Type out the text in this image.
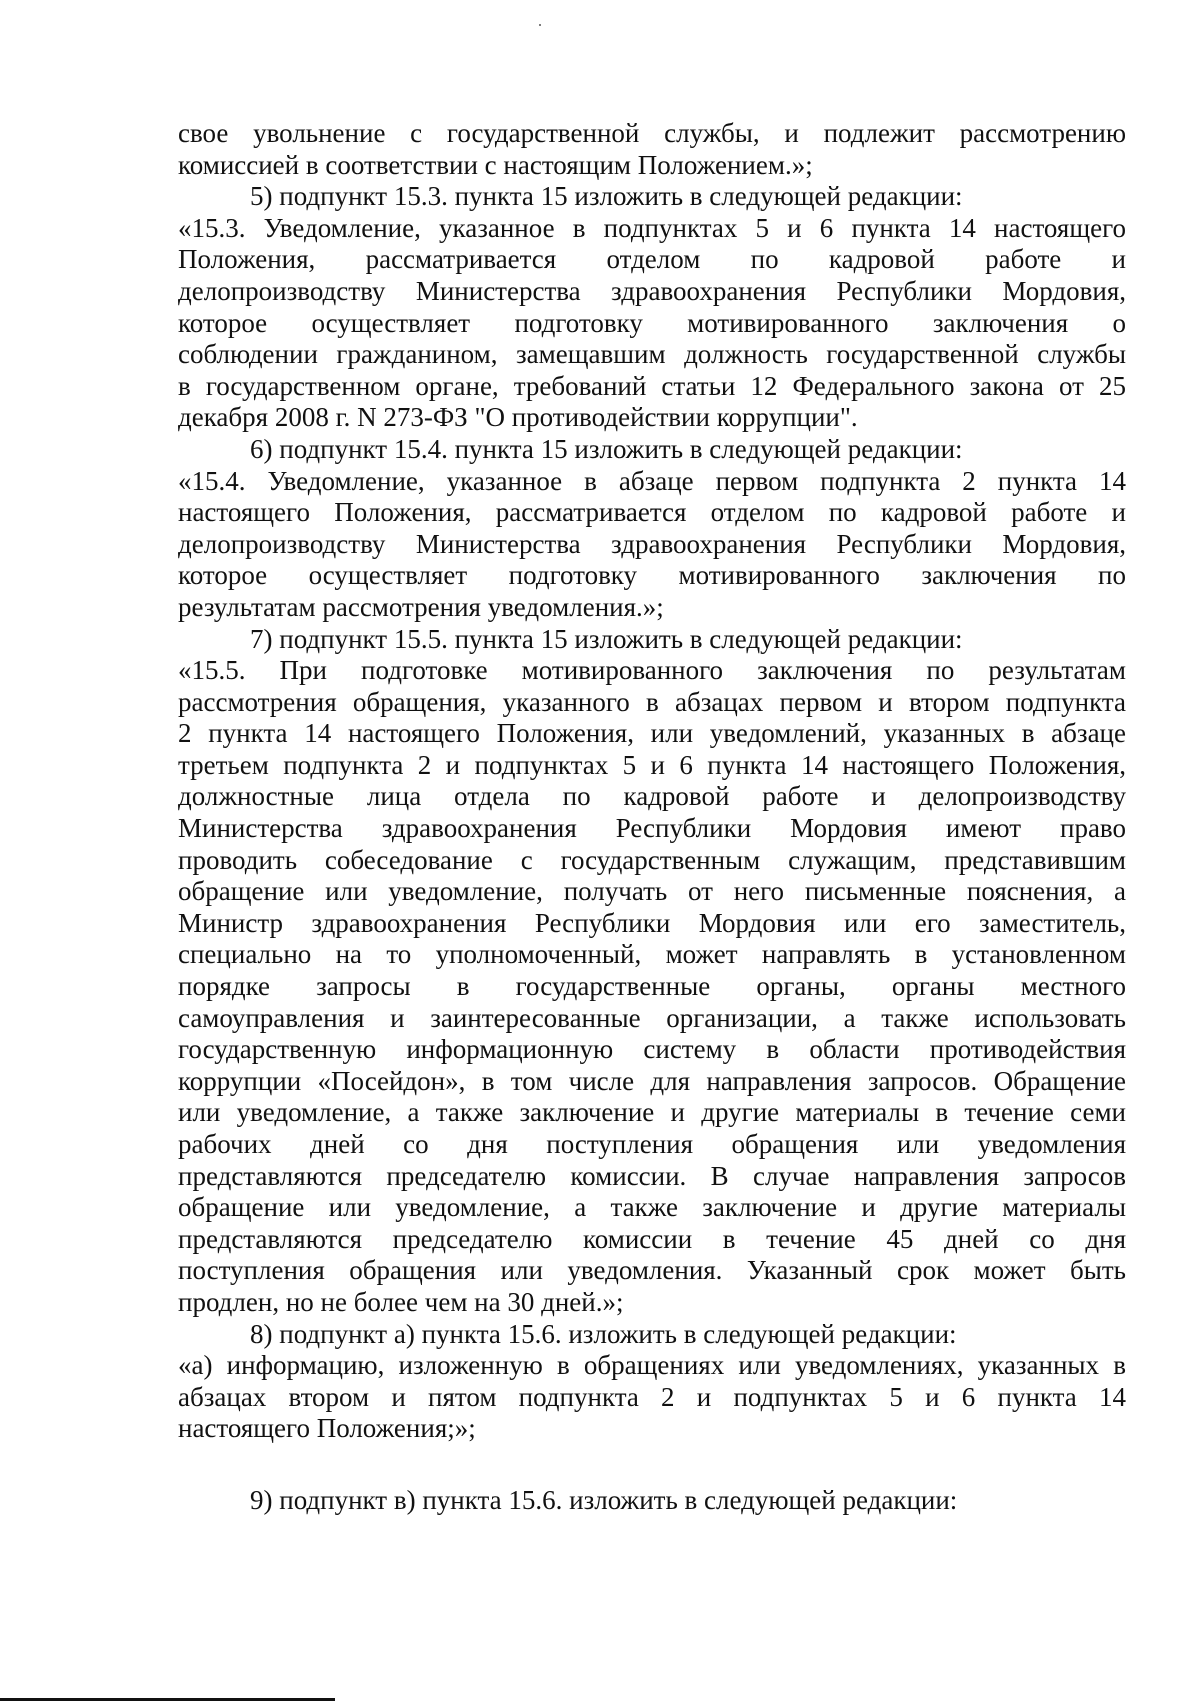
свое увольнение с государственной службы, и подлежит рассмотрению

комиссией в соответствии с настоящим Положением.»;

5) подпункт 15.3. пункта 15 изложить в следующей редакции:

«15.3. Уведомление, указанное в подпунктах 5 и 6 пункта 14 настоящего

Положения, рассматривается отделом по кадровой работе и

делопроизводству Министерства здравоохранения Республики Мордовия,

которое осуществляет подготовку мотивированного заключения о

соблюдении гражданином, замещавшим должность государственной службы

в государственном органе, требований статьи 12 Федерального закона от 25

декабря 2008 г. N 273-ФЗ "О противодействии коррупции".

6) подпункт 15.4. пункта 15 изложить в следующей редакции:

«15.4. Уведомление, указанное в абзаце первом подпункта 2 пункта 14

настоящего Положения, рассматривается отделом по кадровой работе и

делопроизводству Министерства здравоохранения Республики Мордовия,

которое осуществляет подготовку мотивированного заключения по

результатам рассмотрения уведомления.»;

7) подпункт 15.5. пункта 15 изложить в следующей редакции:

«15.5. При подготовке мотивированного заключения по результатам

рассмотрения обращения, указанного в абзацах первом и втором подпункта

2 пункта 14 настоящего Положения, или уведомлений, указанных в абзаце

третьем подпункта 2 и подпунктах 5 и 6 пункта 14 настоящего Положения,

должностные лица отдела по кадровой работе и делопроизводству

Министерства здравоохранения Республики Мордовия имеют право

проводить собеседование с государственным служащим, представившим

обращение или уведомление, получать от него письменные пояснения, а

Министр здравоохранения Республики Мордовия или его заместитель,

специально на то уполномоченный, может направлять в установленном

порядке запросы в государственные органы, органы местного

самоуправления и заинтересованные организации, а также использовать

государственную информационную систему в области противодействия

коррупции «Посейдон», в том числе для направления запросов. Обращение

или уведомление, а также заключение и другие материалы в течение семи

рабочих дней со дня поступления обращения или уведомления

представляются председателю комиссии. В случае направления запросов

обращение или уведомление, а также заключение и другие материалы

представляются председателю комиссии в течение 45 дней со дня

поступления обращения или уведомления. Указанный срок может быть

продлен, но не более чем на 30 дней.»;

8) подпункт а) пункта 15.6. изложить в следующей редакции:

«а) информацию, изложенную в обращениях или уведомлениях, указанных в

абзацах втором и пятом подпункта 2 и подпунктах 5 и 6 пункта 14

настоящего Положения;»;

9) подпункт в) пункта 15.6. изложить в следующей редакции:
